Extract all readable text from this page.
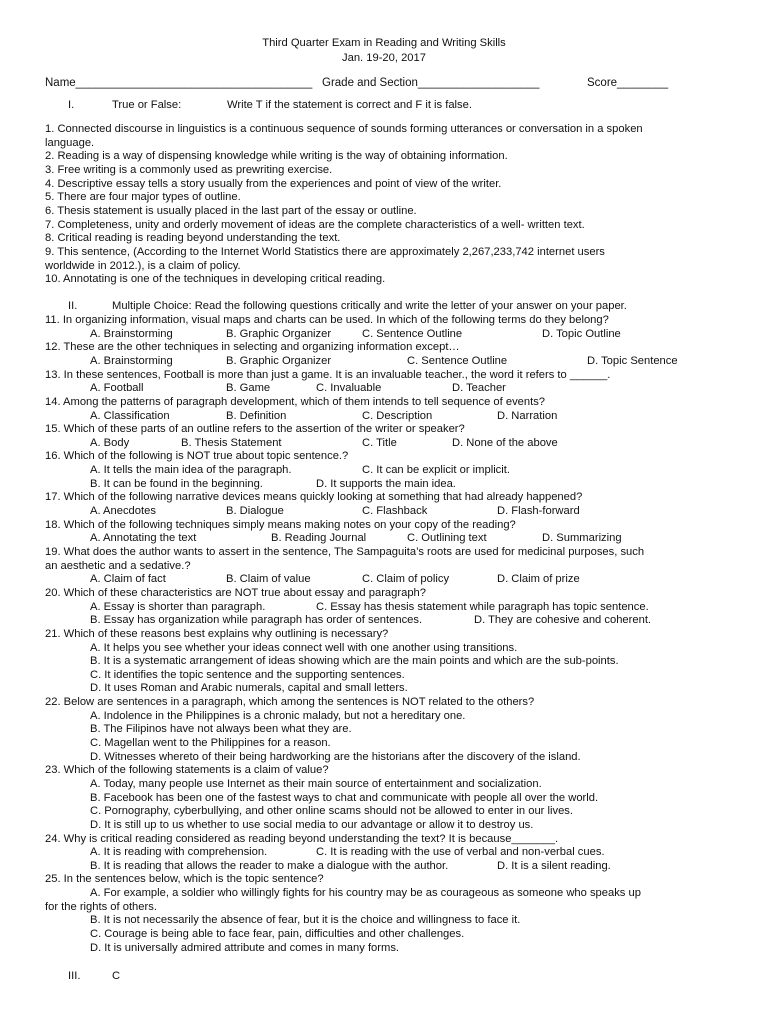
Third Quarter Exam in Reading and Writing Skills
Jan. 19-20, 2017
Name_____________________________________ Grade and Section___________________	Score________
I.	True or False:	Write T if the statement is correct and F it is false.
1. Connected discourse in linguistics is a continuous sequence of sounds forming utterances or conversation in a spoken
language.
2. Reading is a way of dispensing knowledge while writing is the way of obtaining information.
3. Free writing is a commonly used as prewriting exercise.
4. Descriptive essay tells a story usually from the experiences and point of view of the writer.
5. There are four major types of outline.
6. Thesis statement is usually placed in the last part of the essay or outline.
7. Completeness, unity and orderly movement of ideas are the complete characteristics of a well- written text.
8. Critical reading is reading beyond understanding the text.
9. This sentence, (According to the Internet World Statistics there are approximately 2,267,233,742 internet users
worldwide in 2012.), is a claim of policy.
10. Annotating is one of the techniques in developing critical reading.
II.	Multiple Choice: Read the following questions critically and write the letter of your answer on your paper.
11. In organizing information, visual maps and charts can be used. In which of the following terms do they belong?
A. Brainstorming	B. Graphic Organizer	C. Sentence Outline	D. Topic Outline
12. These are the other techniques in selecting and organizing information except…
A. Brainstorming	B. Graphic Organizer	C. Sentence Outline	D. Topic Sentence
13. In these sentences, Football is more than just a game. It is an invaluable teacher., the word it refers to ______.
A. Football	B. Game	C. Invaluable	D. Teacher
14. Among the patterns of paragraph development, which of them intends to tell sequence of events?
A. Classification	B. Definition	C. Description	D. Narration
15. Which of these parts of an outline refers to the assertion of the writer or speaker?
A. Body	B. Thesis Statement	C. Title	D. None of the above
16. Which of the following is NOT true about topic sentence.?
A. It tells the main idea of the paragraph.	C. It can be explicit or implicit.
B. It can be found in the beginning.	D. It supports the main idea.
17. Which of the following narrative devices means quickly looking at something that had already happened?
A. Anecdotes	B. Dialogue	C. Flashback	D. Flash-forward
18. Which of the following techniques simply means making notes on your copy of the reading?
A. Annotating the text	B. Reading Journal	C. Outlining text	D. Summarizing
19. What does the author wants to assert in the sentence, The Sampaguita’s roots are used for medicinal purposes, such
an aesthetic and a sedative.?
A. Claim of fact	B. Claim of value	C. Claim of policy	D. Claim of prize
20. Which of these characteristics are NOT true about essay and paragraph?
A. Essay is shorter than paragraph.	C. Essay has thesis statement while paragraph has topic sentence.
B. Essay has organization while paragraph has order of sentences.	D. They are cohesive and coherent.
21. Which of these reasons best explains why outlining is necessary?
A. It helps you see whether your ideas connect well with one another using transitions.
B. It is a systematic arrangement of ideas showing which are the main points and which are the sub-points.
C. It identifies the topic sentence and the supporting sentences.
D. It uses Roman and Arabic numerals, capital and small letters.
22. Below are sentences in a paragraph, which among the sentences is NOT related to the others?
A. Indolence in the Philippines is a chronic malady, but not a hereditary one.
B. The Filipinos have not always been what they are.
C. Magellan went to the Philippines for a reason.
D. Witnesses whereto of their being hardworking are the historians after the discovery of the island.
23. Which of the following statements is a claim of value?
A. Today, many people use Internet as their main source of entertainment and socialization.
B. Facebook has been one of the fastest ways to chat and communicate with people all over the world.
C. Pornography, cyberbullying, and other online scams should not be allowed to enter in our lives.
D. It is still up to us whether to use social media to our advantage or allow it to destroy us.
24. Why is critical reading considered as reading beyond understanding the text? It is because_______.
A. It is reading with comprehension.	C. It is reading with the use of verbal and non-verbal cues.
B. It is reading that allows the reader to make a dialogue with the author.	D. It is a silent reading.
25. In the sentences below, which is the topic sentence?
A. For example, a soldier who willingly fights for his country may be as courageous as someone who speaks up
for the rights of others.
B. It is not necessarily the absence of fear, but it is the choice and willingness to face it.
C. Courage is being able to face fear, pain, difficulties and other challenges.
D. It is universally admired attribute and comes in many forms.
III.	C
